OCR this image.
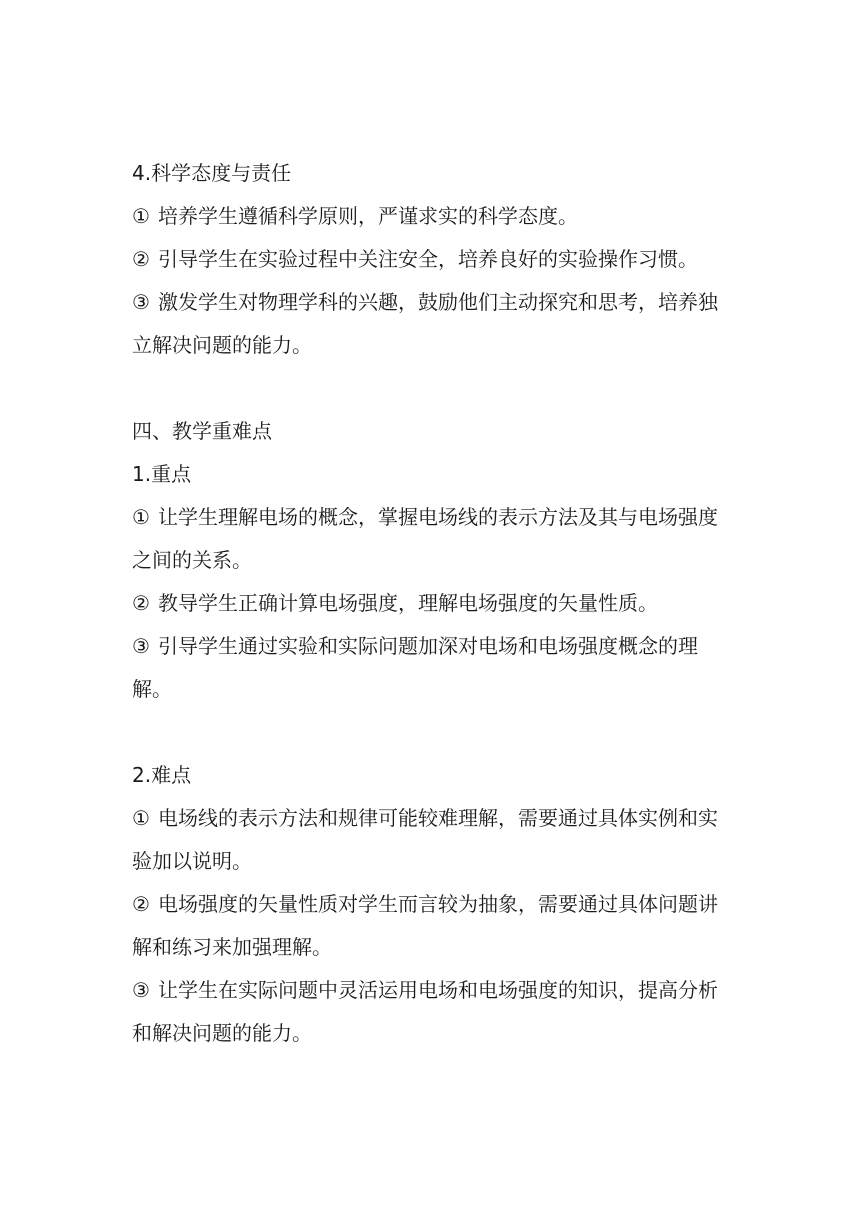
4.科学态度与责任

① 培养学生遵循科学原则，严谨求实的科学态度。

② 引导学生在实验过程中关注安全，培养良好的实验操作习惯。

③ 激发学生对物理学科的兴趣，鼓励他们主动探究和思考，培养独

立解决问题的能力。

四、教学重难点

1.重点

① 让学生理解电场的概念，掌握电场线的表示方法及其与电场强度

之间的关系。

② 教导学生正确计算电场强度，理解电场强度的矢量性质。

③ 引导学生通过实验和实际问题加深对电场和电场强度概念的理

解。

2.难点

① 电场线的表示方法和规律可能较难理解，需要通过具体实例和实

验加以说明。

② 电场强度的矢量性质对学生而言较为抽象，需要通过具体问题讲

解和练习来加强理解。

③ 让学生在实际问题中灵活运用电场和电场强度的知识，提高分析

和解决问题的能力。
